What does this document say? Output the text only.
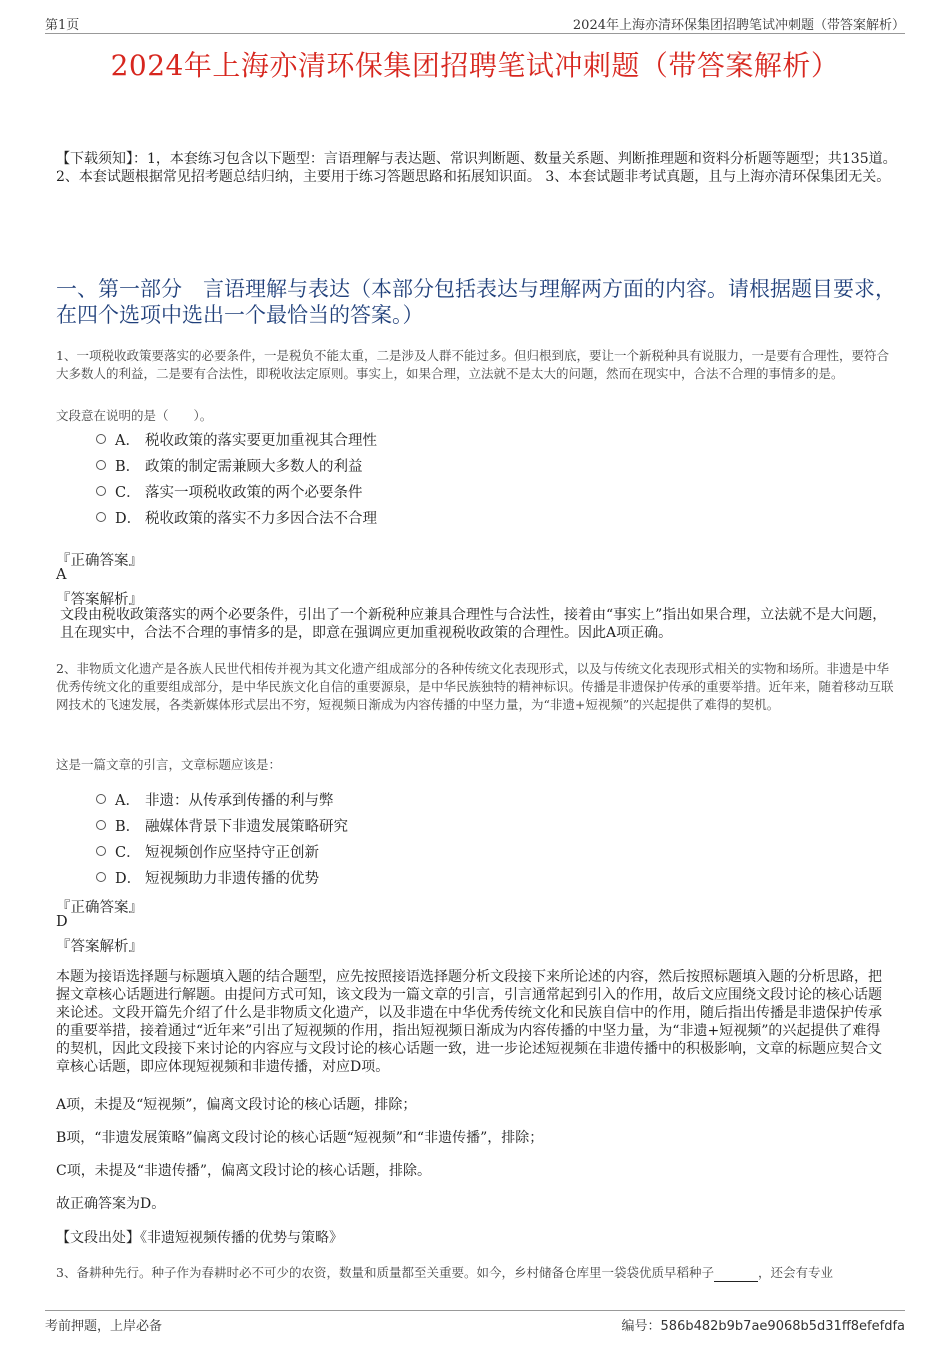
第1页	2024年上海亦清环保集团招聘笔试冲刺题（带答案解析）
2024年上海亦清环保集团招聘笔试冲刺题（带答案解析）
【下载须知】：1，本套练习包含以下题型：言语理解与表达题、常识判断题、数量关系题、判断推理题和资料分析题等题型；共135道。 2、本套试题根据常见招考题总结归纳，主要用于练习答题思路和拓展知识面。 3、本套试题非考试真题，且与上海亦清环保集团无关。
一、第一部分　言语理解与表达（本部分包括表达与理解两方面的内容。请根据题目要求，在四个选项中选出一个最恰当的答案。）
1、一项税收政策要落实的必要条件，一是税负不能太重，二是涉及人群不能过多。但归根到底，要让一个新税种具有说服力，一是要有合理性，要符合大多数人的利益，二是要有合法性，即税收法定原则。事实上，如果合理，立法就不是太大的问题，然而在现实中，合法不合理的事情多的是。
文段意在说明的是（　　）。
A． 税收政策的落实要更加重视其合理性
B． 政策的制定需兼顾大多数人的利益
C． 落实一项税收政策的两个必要条件
D． 税收政策的落实不力多因合法不合理
『正确答案』
A
『答案解析』
文段由税收政策落实的两个必要条件，引出了一个新税种应兼具合理性与合法性，接着由“事实上”指出如果合理，立法就不是大问题，且在现实中，合法不合理的事情多的是，即意在强调应更加重视税收政策的合理性。因此A项正确。
2、非物质文化遗产是各族人民世代相传并视为其文化遗产组成部分的各种传统文化表现形式，以及与传统文化表现形式相关的实物和场所。非遗是中华优秀传统文化的重要组成部分，是中华民族文化自信的重要源泉，是中华民族独特的精神标识。传播是非遗保护传承的重要举措。近年来，随着移动互联网技术的飞速发展，各类新媒体形式层出不穷，短视频日渐成为内容传播的中坚力量，为“非遗+短视频”的兴起提供了难得的契机。
这是一篇文章的引言，文章标题应该是：
A． 非遗：从传承到传播的利与弊
B． 融媒体背景下非遗发展策略研究
C． 短视频创作应坚持守正创新
D． 短视频助力非遗传播的优势
『正确答案』
D
『答案解析』
本题为接语选择题与标题填入题的结合题型，应先按照接语选择题分析文段接下来所论述的内容，然后按照标题填入题的分析思路，把握文章核心话题进行解题。由提问方式可知，该文段为一篇文章的引言，引言通常起到引入的作用，故后文应围绕文段讨论的核心话题来论述。文段开篇先介绍了什么是非物质文化遗产，以及非遗在中华优秀传统文化和民族自信中的作用，随后指出传播是非遗保护传承的重要举措，接着通过“近年来”引出了短视频的作用，指出短视频日渐成为内容传播的中坚力量，为“非遗+短视频”的兴起提供了难得的契机，因此文段接下来讨论的内容应与文段讨论的核心话题一致，进一步论述短视频在非遗传播中的积极影响，文章的标题应契合文章核心话题，即应体现短视频和非遗传播，对应D项。
A项，未提及“短视频”，偏离文段讨论的核心话题，排除；
B项，“非遗发展策略”偏离文段讨论的核心话题“短视频”和“非遗传播”，排除；
C项，未提及“非遗传播”，偏离文段讨论的核心话题，排除。
故正确答案为D。
【文段出处】《非遗短视频传播的优势与策略》
3、备耕种先行。种子作为春耕时必不可少的农资，数量和质量都至关重要。如今，乡村储备仓库里一袋袋优质早稻种子	，还会有专业
考前押题，上岸必备	编号：586b482b9b7ae9068b5d31ff8efefdfa
